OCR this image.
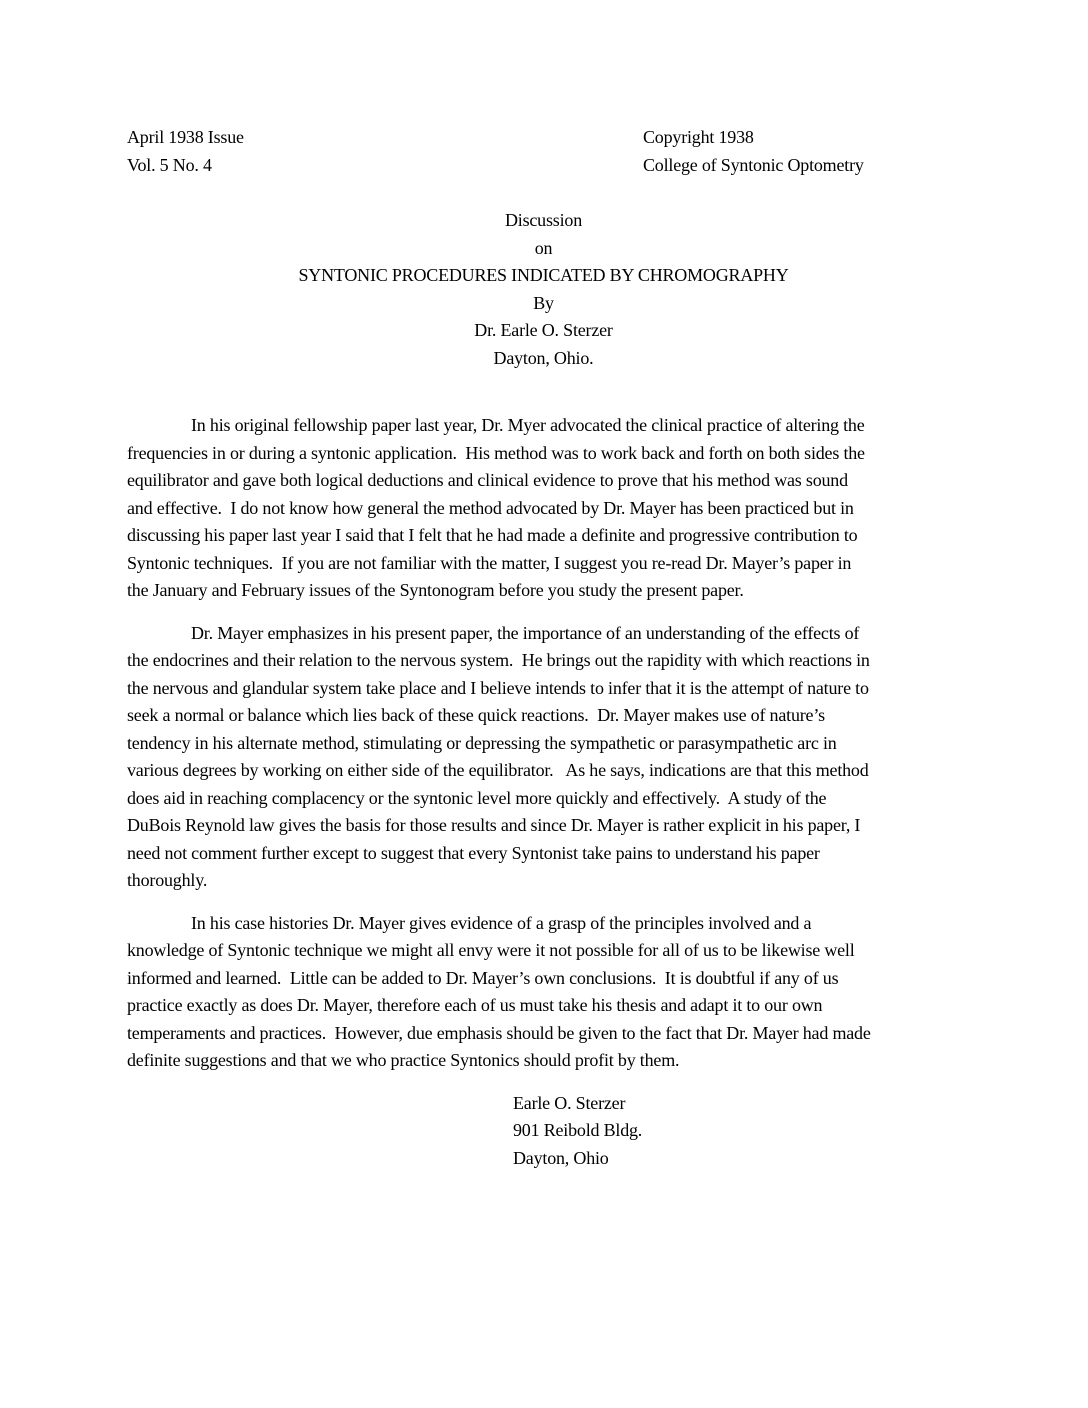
April 1938 Issue
Vol. 5 No. 4
Copyright 1938
College of Syntonic Optometry
Discussion
on
SYNTONIC PROCEDURES INDICATED BY CHROMOGRAPHY
By
Dr. Earle O. Sterzer
Dayton, Ohio.
In his original fellowship paper last year, Dr. Myer advocated the clinical practice of altering the
frequencies in or during a syntonic application.  His method was to work back and forth on both sides the
equilibrator and gave both logical deductions and clinical evidence to prove that his method was sound
and effective.  I do not know how general the method advocated by Dr. Mayer has been practiced but in
discussing his paper last year I said that I felt that he had made a definite and progressive contribution to
Syntonic techniques.  If you are not familiar with the matter, I suggest you re-read Dr. Mayer’s paper in
the January and February issues of the Syntonogram before you study the present paper.
Dr. Mayer emphasizes in his present paper, the importance of an understanding of the effects of
the endocrines and their relation to the nervous system.  He brings out the rapidity with which reactions in
the nervous and glandular system take place and I believe intends to infer that it is the attempt of nature to
seek a normal or balance which lies back of these quick reactions.  Dr. Mayer makes use of nature’s
tendency in his alternate method, stimulating or depressing the sympathetic or parasympathetic arc in
various degrees by working on either side of the equilibrator.   As he says, indications are that this method
does aid in reaching complacency or the syntonic level more quickly and effectively.  A study of the
DuBois Reynold law gives the basis for those results and since Dr. Mayer is rather explicit in his paper, I
need not comment further except to suggest that every Syntonist take pains to understand his paper
thoroughly.
In his case histories Dr. Mayer gives evidence of a grasp of the principles involved and a
knowledge of Syntonic technique we might all envy were it not possible for all of us to be likewise well
informed and learned.  Little can be added to Dr. Mayer’s own conclusions.  It is doubtful if any of us
practice exactly as does Dr. Mayer, therefore each of us must take his thesis and adapt it to our own
temperaments and practices.  However, due emphasis should be given to the fact that Dr. Mayer had made
definite suggestions and that we who practice Syntonics should profit by them.
Earle O. Sterzer
901 Reibold Bldg.
Dayton, Ohio
